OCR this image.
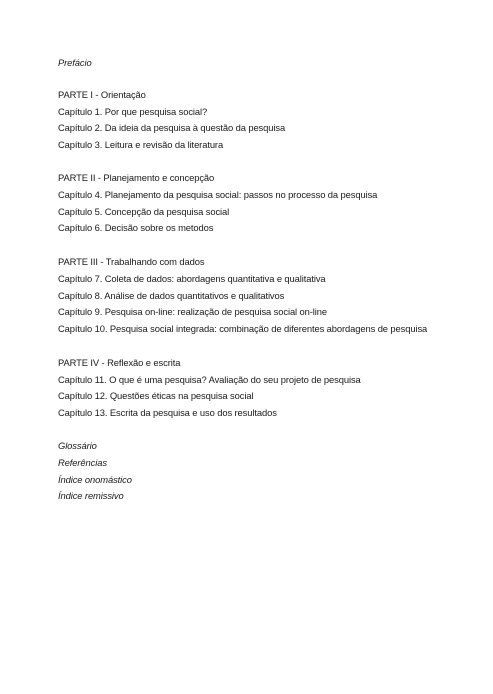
Prefácio
PARTE I - Orientação
Capítulo 1. Por que pesquisa social?
Capítulo 2. Da ideia da pesquisa à questão da pesquisa
Capítulo 3. Leitura e revisão da literatura
PARTE II - Planejamento e concepção
Capítulo 4. Planejamento da pesquisa social: passos no processo da pesquisa
Capítulo 5. Concepção da pesquisa social
Capítulo 6. Decisão sobre os metodos
PARTE III - Trabalhando com dados
Capítulo 7. Coleta de dados: abordagens quantitativa e qualitativa
Capítulo 8. Análise de dados quantitativos e qualitativos
Capítulo 9. Pesquisa on-line: realização de pesquisa social on-line
Capítulo 10. Pesquisa social integrada: combinação de diferentes abordagens de pesquisa
PARTE IV - Reflexão e escrita
Capítulo 11. O que é uma pesquisa? Avaliação do seu projeto de pesquisa
Capítulo 12. Questões éticas na pesquisa social
Capítulo 13. Escrita da pesquisa e uso dos resultados
Glossário
Referências
Índice onomástico
Índice remissivo
